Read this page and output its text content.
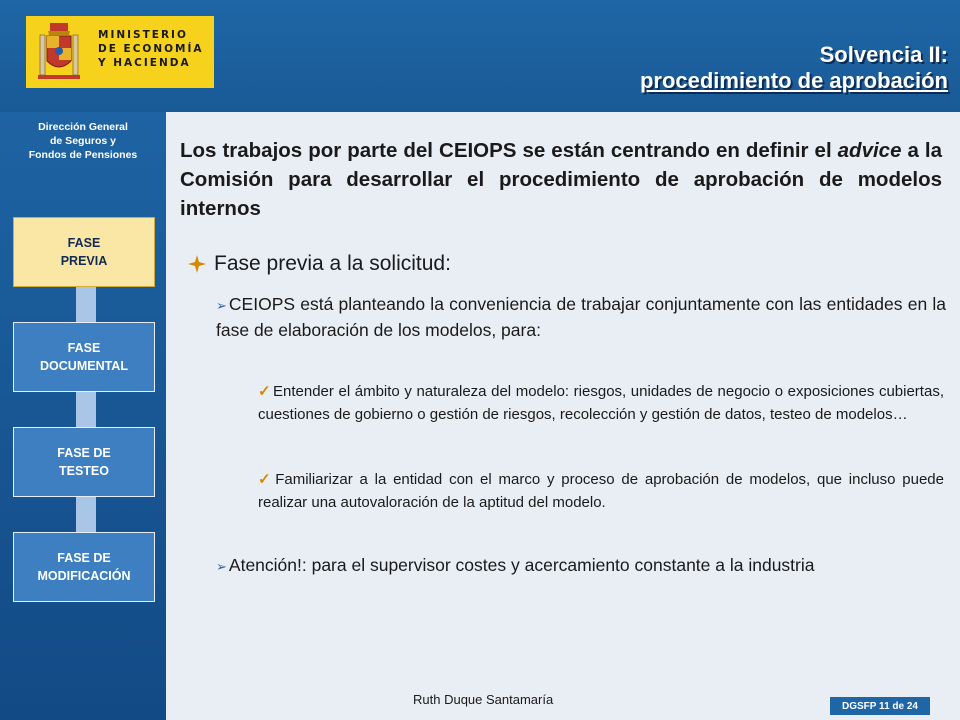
MINISTERIO
DE ECONOMÍA
Y HACIENDA	Solvencia II:
procedimiento de aprobación
Dirección General
de Seguros y
Fondos de Pensiones
FASE
PREVIA
FASE
DOCUMENTAL
FASE DE
TESTEO
FASE DE
MODIFICACIÓN
Los trabajos por parte del CEIOPS se están centrando en definir el advice a la Comisión para desarrollar el procedimiento de aprobación de modelos internos
Fase previa a la solicitud:
➢ CEIOPS está planteando la conveniencia de trabajar conjuntamente con las entidades en la fase de elaboración de los modelos, para:
✓ Entender el ámbito y naturaleza del modelo: riesgos, unidades de negocio o exposiciones cubiertas, cuestiones de gobierno o gestión de riesgos, recolección y gestión de datos, testeo de modelos…
✓ Familiarizar a la entidad con el marco y proceso de aprobación de modelos, que incluso puede realizar una autovaloración de la aptitud del modelo.
➢ Atención!: para el supervisor costes y acercamiento constante a la industria
Ruth Duque Santamaría	DGSFP 11 de 24
